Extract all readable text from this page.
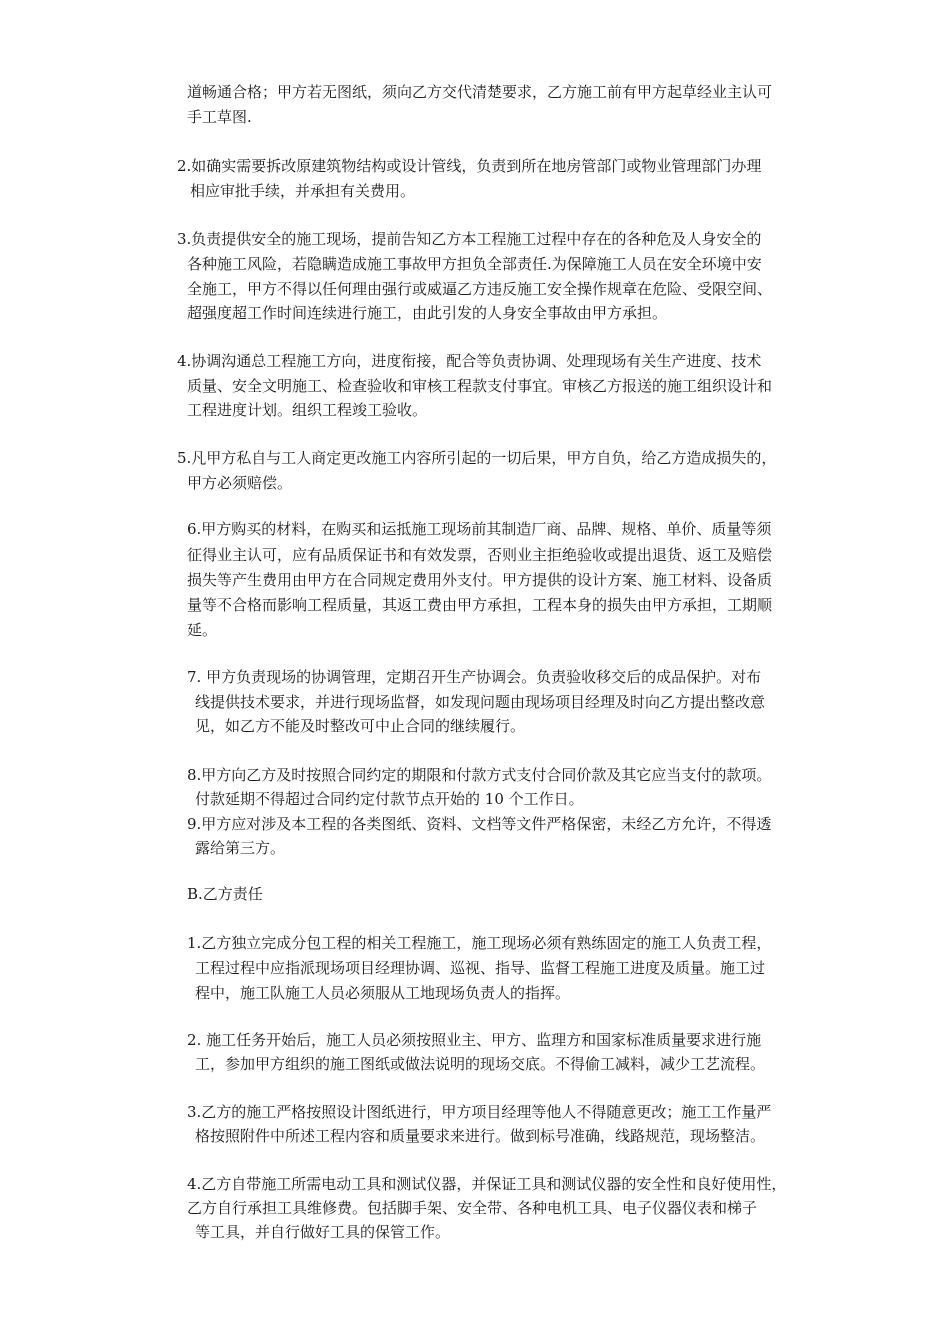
道畅通合格；甲方若无图纸，须向乙方交代清楚要求，乙方施工前有甲方起草经业主认可
手工草图.
2.如确实需要拆改原建筑物结构或设计管线，负责到所在地房管部门或物业管理部门办理
相应审批手续，并承担有关费用。
3.负责提供安全的施工现场，提前告知乙方本工程施工过程中存在的各种危及人身安全的
各种施工风险，若隐瞒造成施工事故甲方担负全部责任.为保障施工人员在安全环境中安
全施工，甲方不得以任何理由强行或威逼乙方违反施工安全操作规章在危险、受限空间、
超强度超工作时间连续进行施工，由此引发的人身安全事故由甲方承担。
4.协调沟通总工程施工方向，进度衔接，配合等负责协调、处理现场有关生产进度、技术
质量、安全文明施工、检查验收和审核工程款支付事宜。审核乙方报送的施工组织设计和
工程进度计划。组织工程竣工验收。
5.凡甲方私自与工人商定更改施工内容所引起的一切后果，甲方自负，给乙方造成损失的，
甲方必须赔偿。
6.甲方购买的材料，在购买和运抵施工现场前其制造厂商、品牌、规格、单价、质量等须
征得业主认可，应有品质保证书和有效发票，否则业主拒绝验收或提出退货、返工及赔偿
损失等产生费用由甲方在合同规定费用外支付。甲方提供的设计方案、施工材料、设备质
量等不合格而影响工程质量，其返工费由甲方承担，工程本身的损失由甲方承担，工期顺
延。
7. 甲方负责现场的协调管理，定期召开生产协调会。负责验收移交后的成品保护。对布
线提供技术要求，并进行现场监督，如发现问题由现场项目经理及时向乙方提出整改意
见，如乙方不能及时整改可中止合同的继续履行。
8.甲方向乙方及时按照合同约定的期限和付款方式支付合同价款及其它应当支付的款项。
付款延期不得超过合同约定付款节点开始的 10 个工作日。
9.甲方应对涉及本工程的各类图纸、资料、文档等文件严格保密，未经乙方允许，不得透
露给第三方。
B.乙方责任
1.乙方独立完成分包工程的相关工程施工，施工现场必须有熟练固定的施工人负责工程，
工程过程中应指派现场项目经理协调、巡视、指导、监督工程施工进度及质量。施工过
程中，施工队施工人员必须服从工地现场负责人的指挥。
2. 施工任务开始后，施工人员必须按照业主、甲方、监理方和国家标准质量要求进行施
工，参加甲方组织的施工图纸或做法说明的现场交底。不得偷工减料，减少工艺流程。
3.乙方的施工严格按照设计图纸进行，甲方项目经理等他人不得随意更改；施工工作量严
格按照附件中所述工程内容和质量要求来进行。做到标号准确，线路规范，现场整洁。
4.乙方自带施工所需电动工具和测试仪器，并保证工具和测试仪器的安全性和良好使用性，
乙方自行承担工具维修费。包括脚手架、安全带、各种电机工具、电子仪器仪表和梯子
等工具，并自行做好工具的保管工作。
